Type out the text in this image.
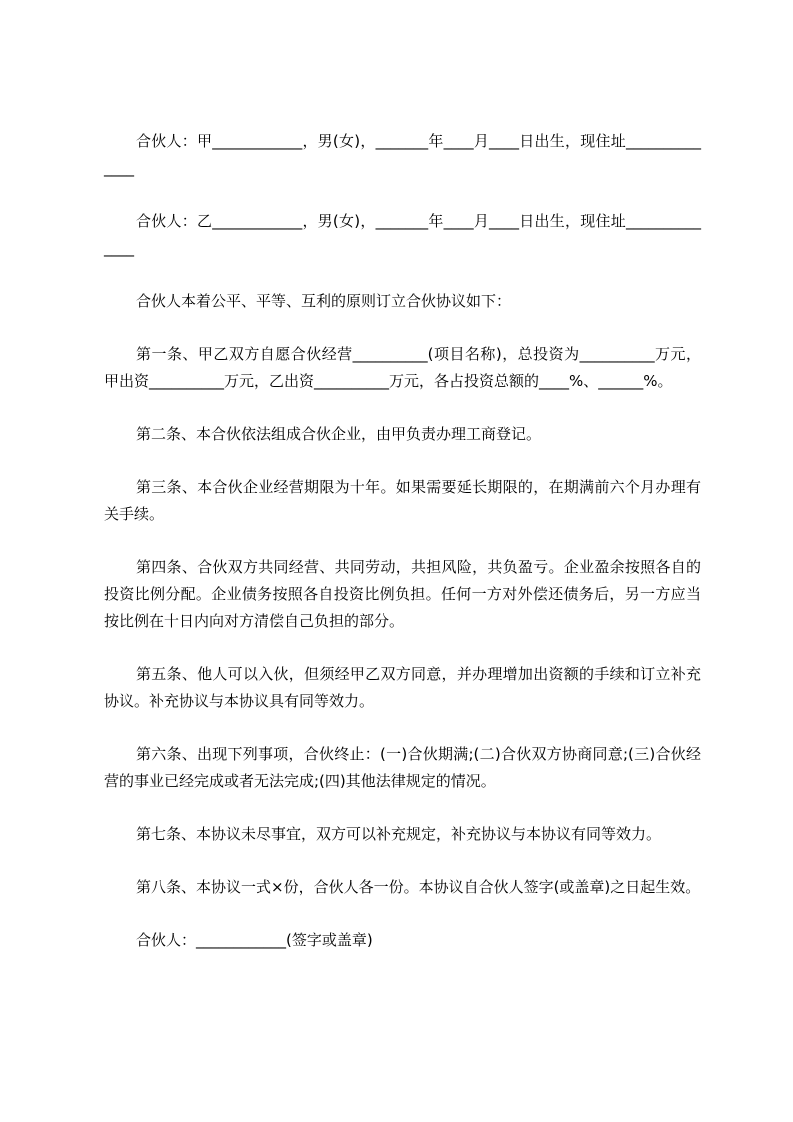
合伙人：甲____________，男(女)，_______年____月____日出生，现住址______________

合伙人：乙____________，男(女)，_______年____月____日出生，现住址______________

合伙人本着公平、平等、互利的原则订立合伙协议如下：

第一条、甲乙双方自愿合伙经营__________(项目名称)，总投资为__________万元，甲出资__________万元，乙出资__________万元，各占投资总额的____%、______%。

第二条、本合伙依法组成合伙企业，由甲负责办理工商登记。

第三条、本合伙企业经营期限为十年。如果需要延长期限的，在期满前六个月办理有关手续。

第四条、合伙双方共同经营、共同劳动，共担风险，共负盈亏。企业盈余按照各自的投资比例分配。企业债务按照各自投资比例负担。任何一方对外偿还债务后，另一方应当按比例在十日内向对方清偿自己负担的部分。

第五条、他人可以入伙，但须经甲乙双方同意，并办理增加出资额的手续和订立补充协议。补充协议与本协议具有同等效力。

第六条、出现下列事项，合伙终止：(一)合伙期满;(二)合伙双方协商同意;(三)合伙经营的事业已经完成或者无法完成;(四)其他法律规定的情况。

第七条、本协议未尽事宜，双方可以补充规定，补充协议与本协议有同等效力。

第八条、本协议一式×份，合伙人各一份。本协议自合伙人签字(或盖章)之日起生效。

合伙人：____________(签字或盖章)
